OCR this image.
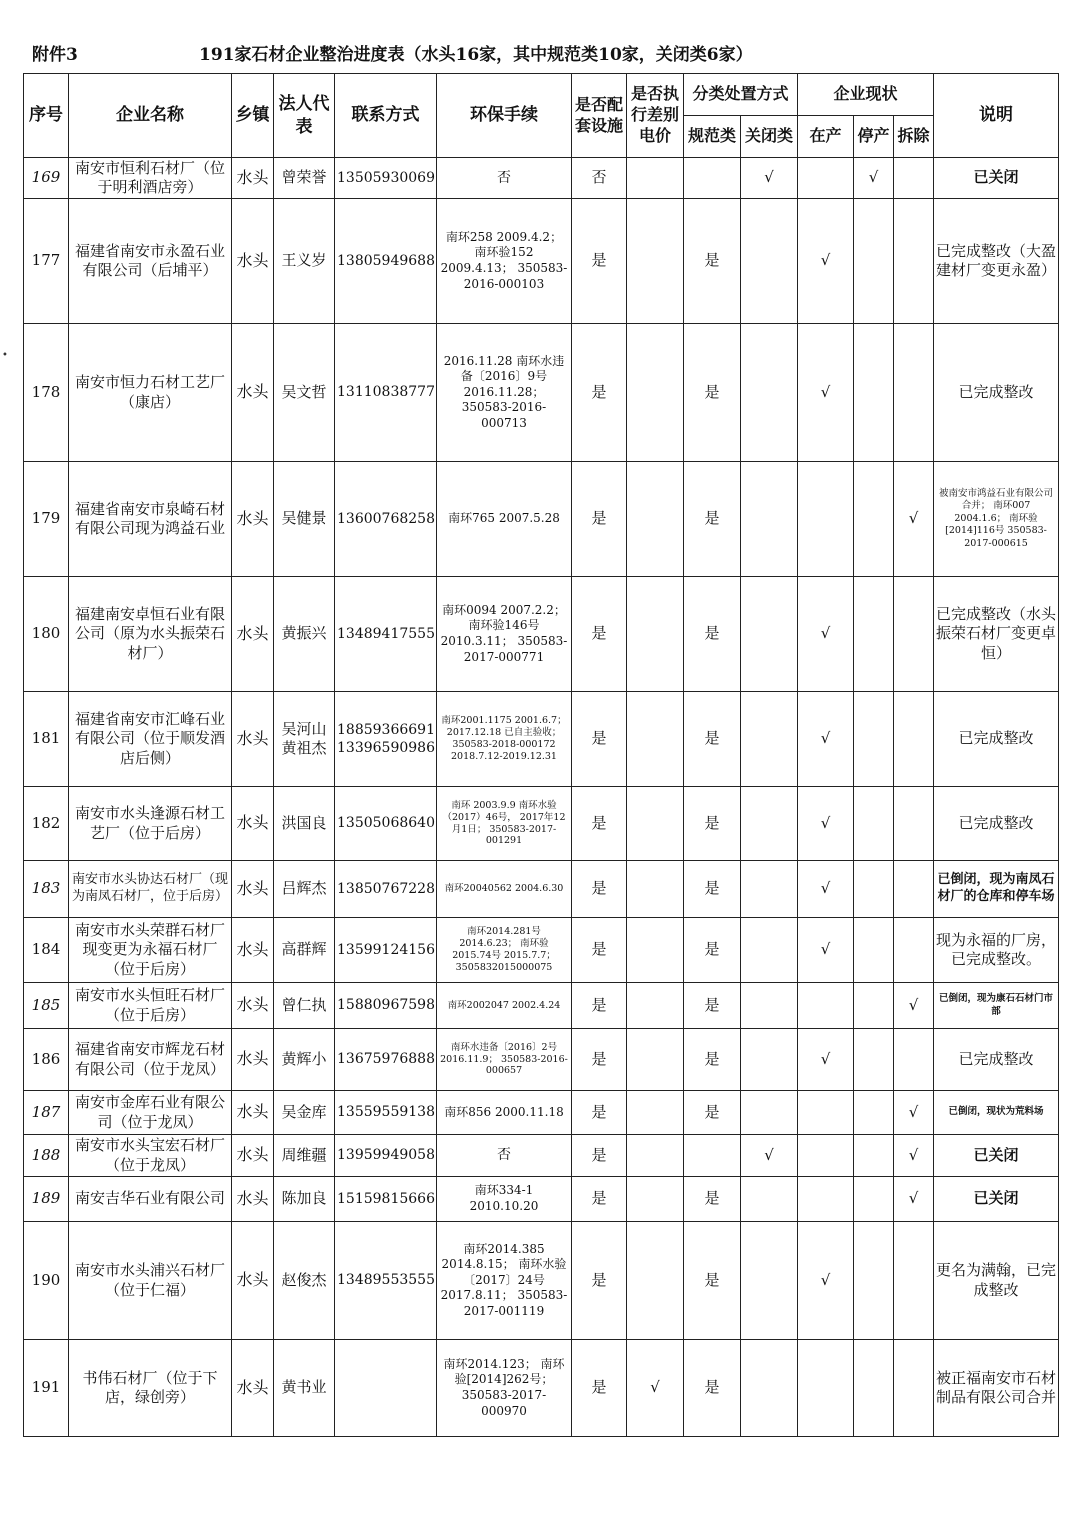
附件3	191家石材企业整治进度表（水头16家，其中规范类10家，关闭类6家）
•
序号	企业名称	乡镇	法人代表	联系方式	环保手续	是否配套设施	是否执行差别电价	分类处置方式		企业现状			说明
								规范类	关闭类	在产	停产	拆除	
169	南安市恒利石材厂（位于明利酒店旁）	水头	曾荣誉	13505930069	否	否			√		√		已关闭
177	福建省南安市永盈石业有限公司（后埔平）	水头	王义岁	13805949688	南环258 2009.4.2； 南环验152 2009.4.13； 350583-2016-000103	是		是		√			已完成整改（大盈建材厂变更永盈）
178	南安市恒力石材工艺厂（康店）	水头	吴文哲	13110838777	2016.11.28 南环水违备〔2016〕9号 2016.11.28； 350583-2016-000713	是		是		√			已完成整改
179	福建省南安市泉崎石材有限公司现为鸿益石业	水头	吴健景	13600768258	南环765 2007.5.28	是		是				√	被南安市鸿益石业有限公司合并； 南环007 2004.1.6； 南环验[2014]116号 350583-2017-000615
180	福建南安卓恒石业有限公司（原为水头振荣石材厂）	水头	黄振兴	13489417555	南环0094 2007.2.2； 南环验146号 2010.3.11； 350583-2017-000771	是		是		√			已完成整改（水头振荣石材厂变更卓恒）
181	福建省南安市汇峰石业有限公司（位于顺发酒店后侧）	水头	吴河山 黄祖杰	18859366691 13396590986	南环2001.1175 2001.6.7； 2017.12.18 已自主验收； 350583-2018-000172 2018.7.12-2019.12.31	是		是		√			已完成整改
182	南安市水头逢源石材工艺厂（位于后房）	水头	洪国良	13505068640	南环 2003.9.9 南环水验（2017）46号， 2017年12月1日； 350583-2017-001291	是		是		√			已完成整改
183	南安市水头协达石材厂（现为南凤石材厂，位于后房）	水头	吕辉杰	13850767228	南环20040562 2004.6.30	是		是		√			已倒闭，现为南凤石材厂的仓库和停车场
184	南安市水头荣群石材厂现变更为永福石材厂（位于后房）	水头	高群辉	13599124156	南环2014.281号 2014.6.23； 南环验 2015.74号 2015.7.7； 3505832015000075	是		是		√			现为永福的厂房，已完成整改。
185	南安市水头恒旺石材厂（位于后房）	水头	曾仁执	15880967598	南环2002047 2002.4.24	是		是				√	已倒闭，现为康石石材门市部
186	福建省南安市辉龙石材有限公司（位于龙凤）	水头	黄辉小	13675976888	南环水违备〔2016〕2号 2016.11.9； 350583-2016-000657	是		是		√			已完成整改
187	南安市金库石业有限公司（位于龙凤）	水头	吴金库	13559559138	南环856 2000.11.18	是		是				√	已倒闭，现状为荒料场
188	南安市水头宝宏石材厂（位于龙凤）	水头	周维疆	13959949058	否	是			√			√	已关闭
189	南安吉华石业有限公司	水头	陈加良	15159815666	南环334-1 2010.10.20	是		是				√	已关闭
190	南安市水头浦兴石材厂（位于仁福）	水头	赵俊杰	13489553555	南环2014.385 2014.8.15； 南环水验〔2017〕24号 2017.8.11； 350583-2017-001119	是		是		√			更名为满翰，已完成整改
191	书伟石材厂（位于下店，绿创旁）	水头	黄书业		南环2014.123； 南环验[2014]262号； 350583-2017-000970	是	√	是					被正福南安市石材制品有限公司合并
